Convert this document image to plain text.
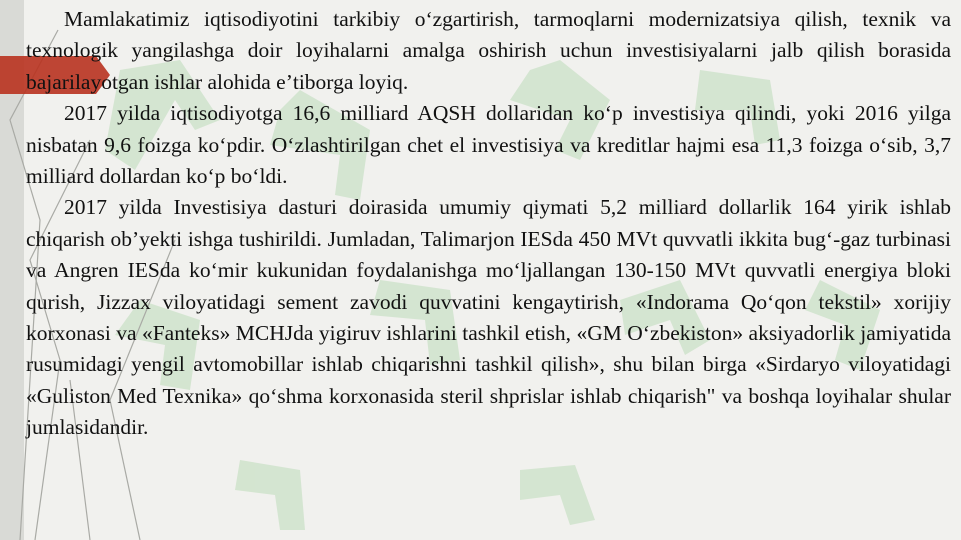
Mamlakatimiz iqtisodiyotini tarkibiy oʻzgartirish, tarmoqlarni modernizatsiya qilish, texnik va texnologik yangilashga doir loyihalarni amalga oshirish uchun investisiyalarni jalb qilish borasida bajarilayotgan ishlar alohida eʼtiborga loyiq.

2017 yilda iqtisodiyotga 16,6 milliard AQSH dollaridan koʻp investisiya qilindi, yoki 2016 yilga nisbatan 9,6 foizga koʻpdir. Oʻzlashtirilgan chet el investisiya va kreditlar hajmi esa 11,3 foizga oʻsib, 3,7 milliard dollardan koʻp boʻldi.

2017 yilda Investisiya dasturi doirasida umumiy qiymati 5,2 milliard dollarlik 164 yirik ishlab chiqarish obʼyekti ishga tushirildi. Jumladan, Talimarjon IESda 450 MVt quvvatli ikkita bugʻ-gaz turbinasi va Angren IESda koʻmir kukunidan foydalanishga moʻljallangan 130-150 MVt quvvatli energiya bloki qurish, Jizzax viloyatidagi sement zavodi quvvatini kengaytirish, «Indorama Qoʻqon tekstil» xorijiy korxonasi va «Fanteks» MCHJda yigiruv ishlarini tashkil etish, «GM Oʻzbekiston» aksiyadorlik jamiyatida rusumidagi yengil avtomobillar ishlab chiqarishni tashkil qilish», shu bilan birga «Sirdaryo viloyatidagi «Guliston Med Texnika» qoʻshma korxonasida steril shprislar ishlab chiqarish" va boshqa loyihalar shular jumlasidandir.
